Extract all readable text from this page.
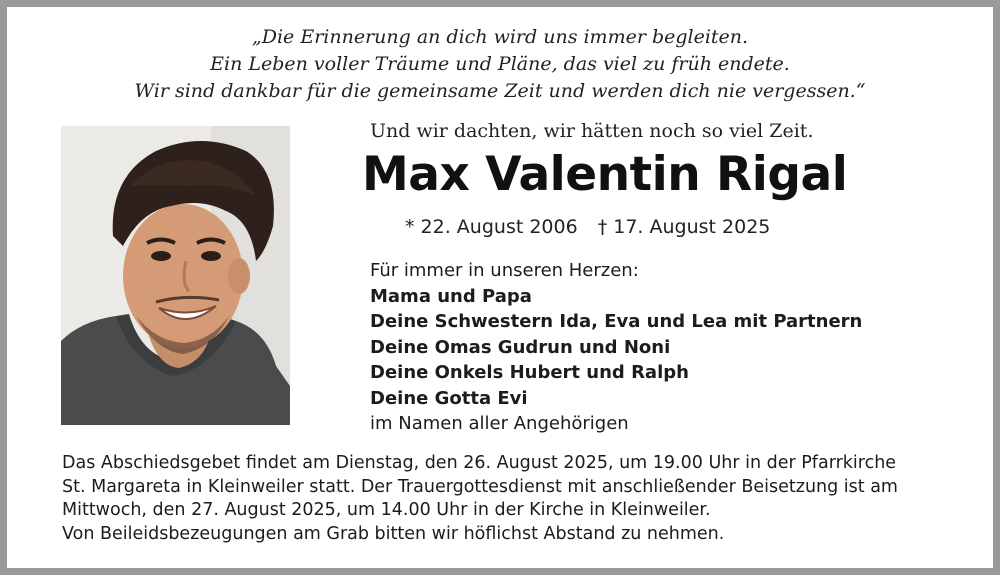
„Die Erinnerung an dich wird uns immer begleiten.
Ein Leben voller Träume und Pläne, das viel zu früh endete.
Wir sind dankbar für die gemeinsame Zeit und werden dich nie vergessen.“
Und wir dachten, wir hätten noch so viel Zeit.
Max Valentin Rigal
* 22. August 2006 † 17. August 2025
Für immer in unseren Herzen:
Mama und Papa
Deine Schwestern Ida, Eva und Lea mit Partnern
Deine Omas Gudrun und Noni
Deine Onkels Hubert und Ralph
Deine Gotta Evi
im Namen aller Angehörigen
Das Abschiedsgebet findet am Dienstag, den 26. August 2025, um 19.00 Uhr in der Pfarrkirche
St. Margareta in Kleinweiler statt. Der Trauergottesdienst mit anschließender Beisetzung ist am
Mittwoch, den 27. August 2025, um 14.00 Uhr in der Kirche in Kleinweiler.
Von Beileidsbezeugungen am Grab bitten wir höflichst Abstand zu nehmen.
